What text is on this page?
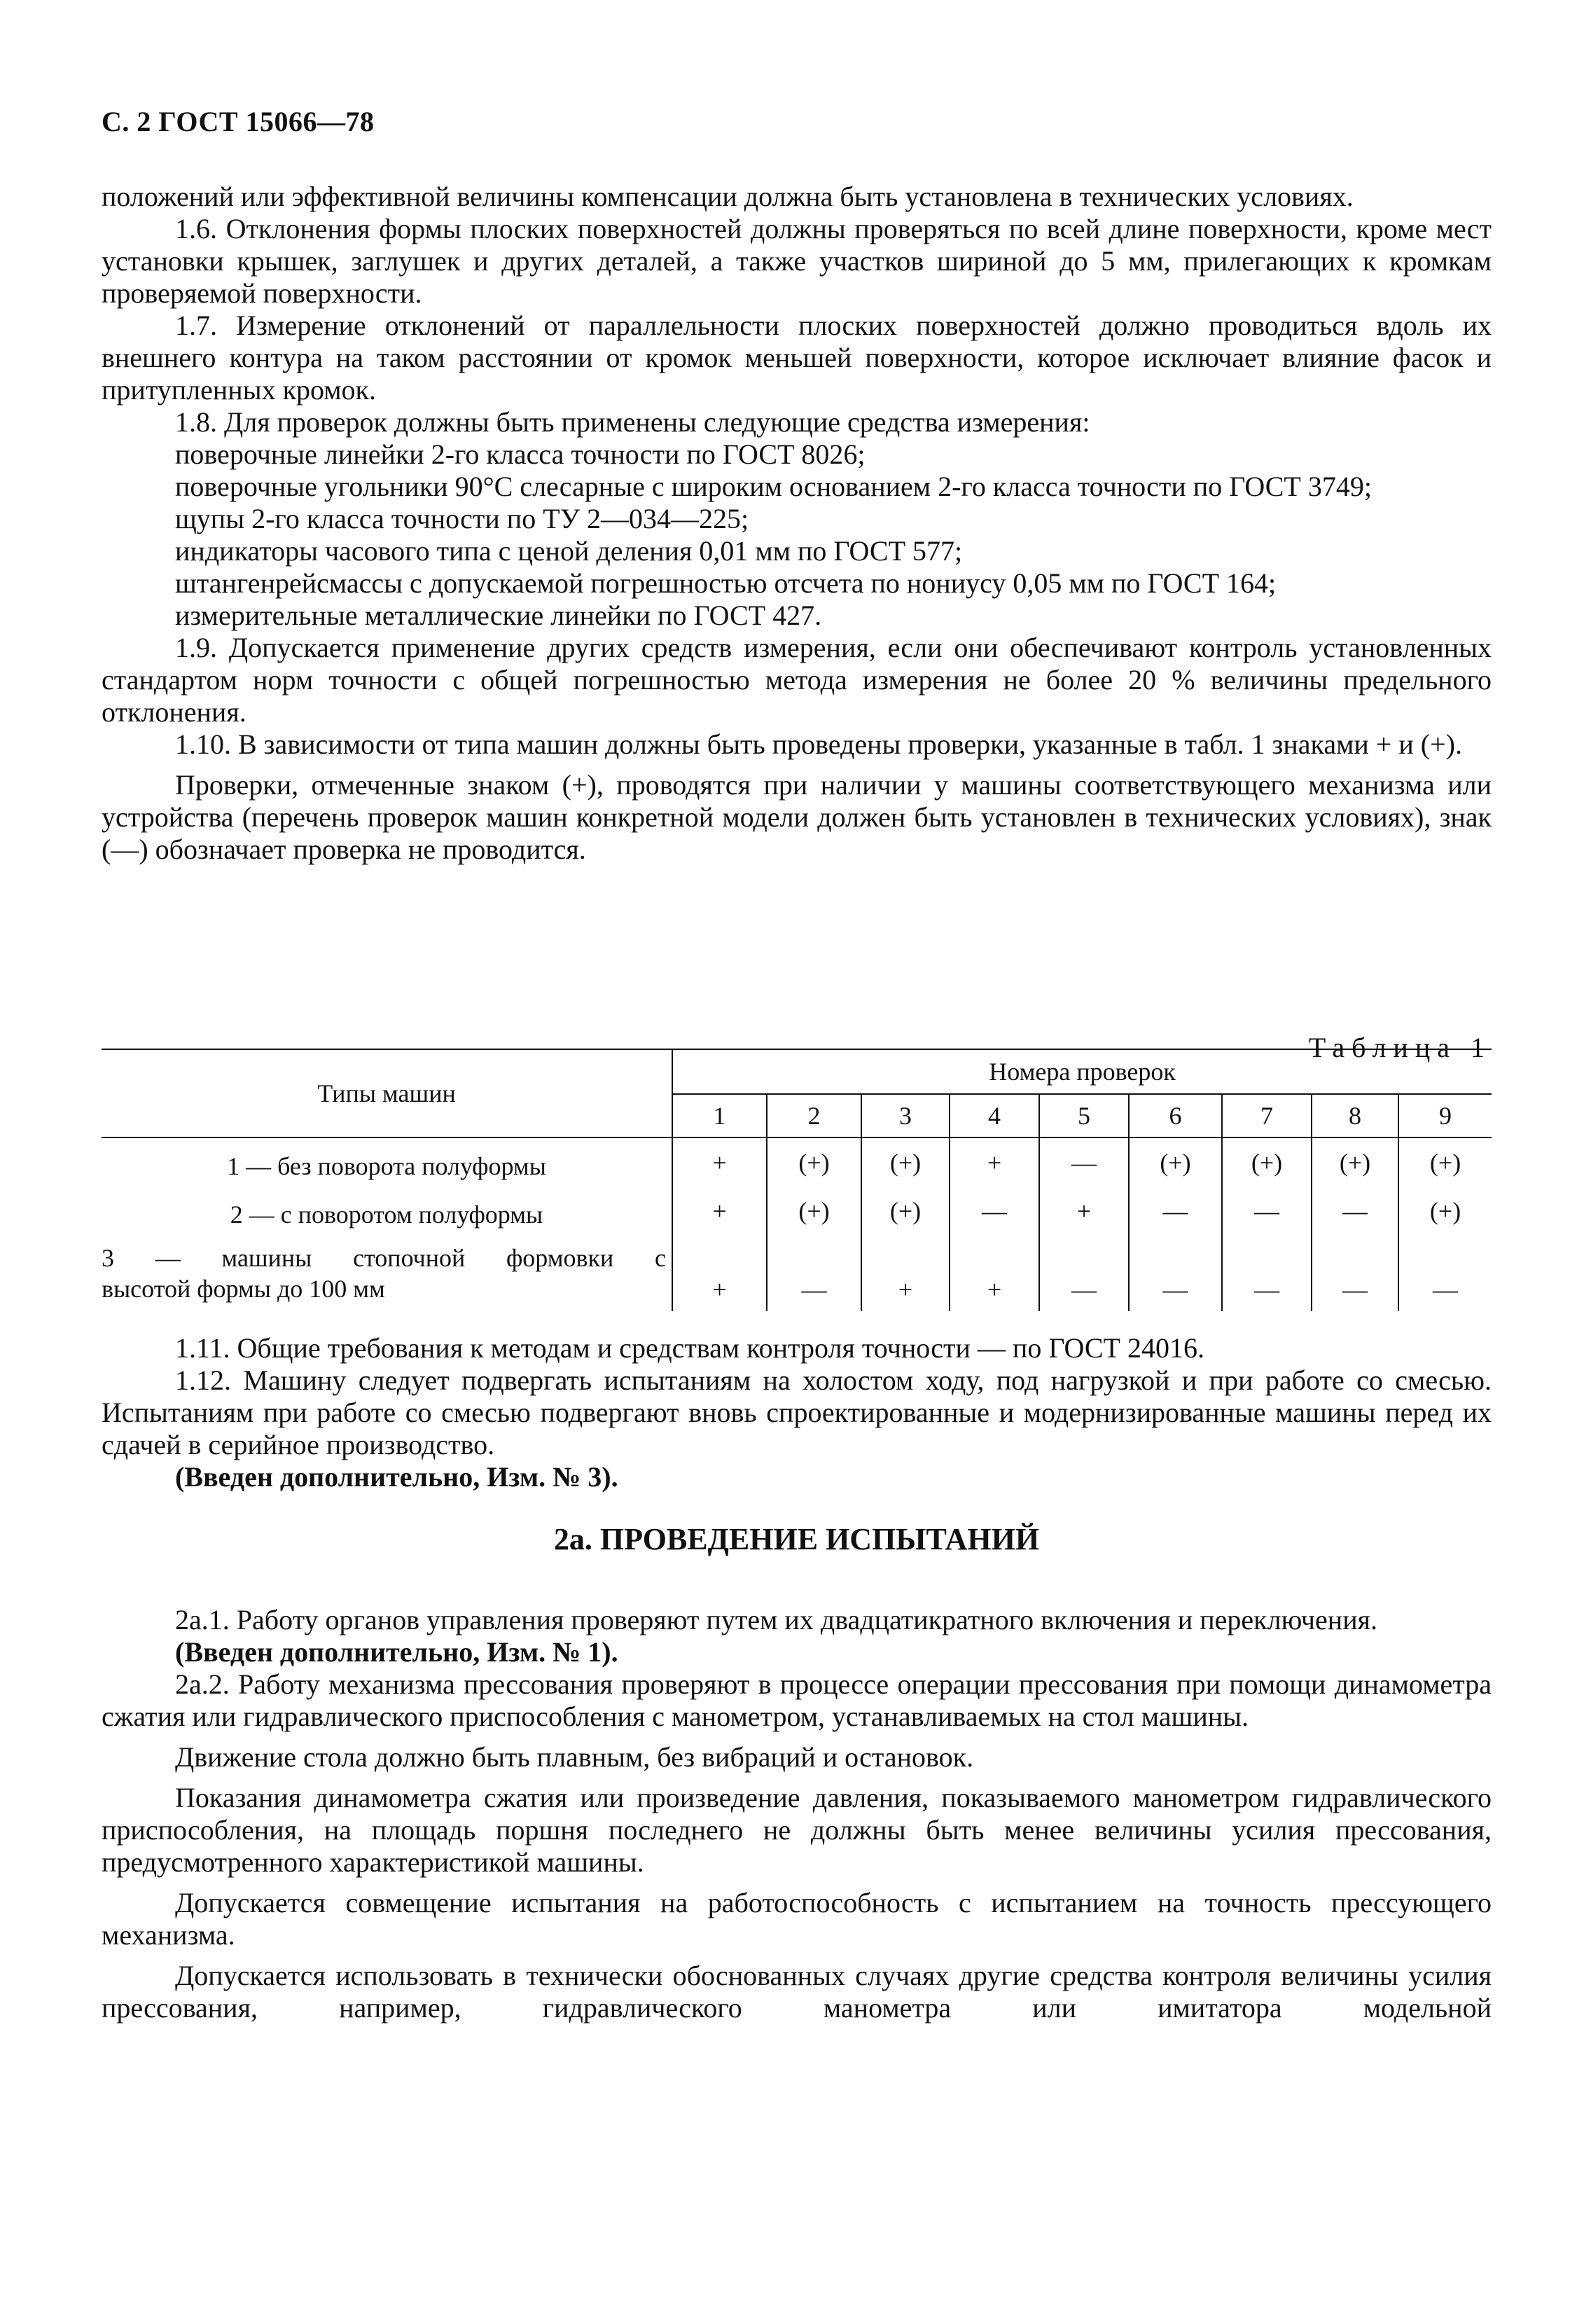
С. 2 ГОСТ 15066—78

положений или эффективной величины компенсации должна быть установлена в технических условиях.

1.6. Отклонения формы плоских поверхностей должны проверяться по всей длине поверхности, кроме мест установки крышек, заглушек и других деталей, а также участков шириной до 5 мм, прилегающих к кромкам проверяемой поверхности.

1.7. Измерение отклонений от параллельности плоских поверхностей должно проводиться вдоль их внешнего контура на таком расстоянии от кромок меньшей поверхности, которое исключает влияние фасок и притупленных кромок.

1.8. Для проверок должны быть применены следующие средства измерения:

поверочные линейки 2-го класса точности по ГОСТ 8026;

поверочные угольники 90°С слесарные с широким основанием 2-го класса точности по ГОСТ 3749;

щупы 2-го класса точности по ТУ 2—034—225;

индикаторы часового типа с ценой деления 0,01 мм по ГОСТ 577;

штангенрейсмассы с допускаемой погрешностью отсчета по нониусу 0,05 мм по ГОСТ 164;

измерительные металлические линейки по ГОСТ 427.

1.9. Допускается применение других средств измерения, если они обеспечивают контроль установленных стандартом норм точности с общей погрешностью метода измерения не более 20 % величины предельного отклонения.

1.10. В зависимости от типа машин должны быть проведены проверки, указанные в табл. 1 знаками + и (+).

Проверки, отмеченные знаком (+), проводятся при наличии у машины соответствующего механизма или устройства (перечень проверок машин конкретной модели должен быть установлен в технических условиях), знак (—) обозначает проверка не проводится.

Таблица 1
Типы машин	Номера проверок								
	1	2	3	4	5	6	7	8	9
1 — без поворота полуформы	+	(+)	(+)	+	—	(+)	(+)	(+)	(+)
2 — с поворотом полуформы	+	(+)	(+)	—	+	—	—	—	(+)

3 — машины стопочной формовки с
высотой формы до 100 мм	+	—	+	+	—	—	—	—	—

1.11. Общие требования к методам и средствам контроля точности — по ГОСТ 24016.

1.12. Машину следует подвергать испытаниям на холостом ходу, под нагрузкой и при работе со смесью. Испытаниям при работе со смесью подвергают вновь спроектированные и модернизированные машины перед их сдачей в серийное производство.

(Введен дополнительно, Изм. № 3).

2а. ПРОВЕДЕНИЕ ИСПЫТАНИЙ

2а.1. Работу органов управления проверяют путем их двадцатикратного включения и переключения.

(Введен дополнительно, Изм. № 1).

2а.2. Работу механизма прессования проверяют в процессе операции прессования при помощи динамометра сжатия или гидравлического приспособления с манометром, устанавливаемых на стол машины.

Движение стола должно быть плавным, без вибраций и остановок.

Показания динамометра сжатия или произведение давления, показываемого манометром гидравлического приспособления, на площадь поршня последнего не должны быть менее величины усилия прессования, предусмотренного характеристикой машины.

Допускается совмещение испытания на работоспособность с испытанием на точность прессующего механизма.

Допускается использовать в технически обоснованных случаях другие средства контроля величины усилия прессования, например, гидравлического манометра или имитатора модельной
